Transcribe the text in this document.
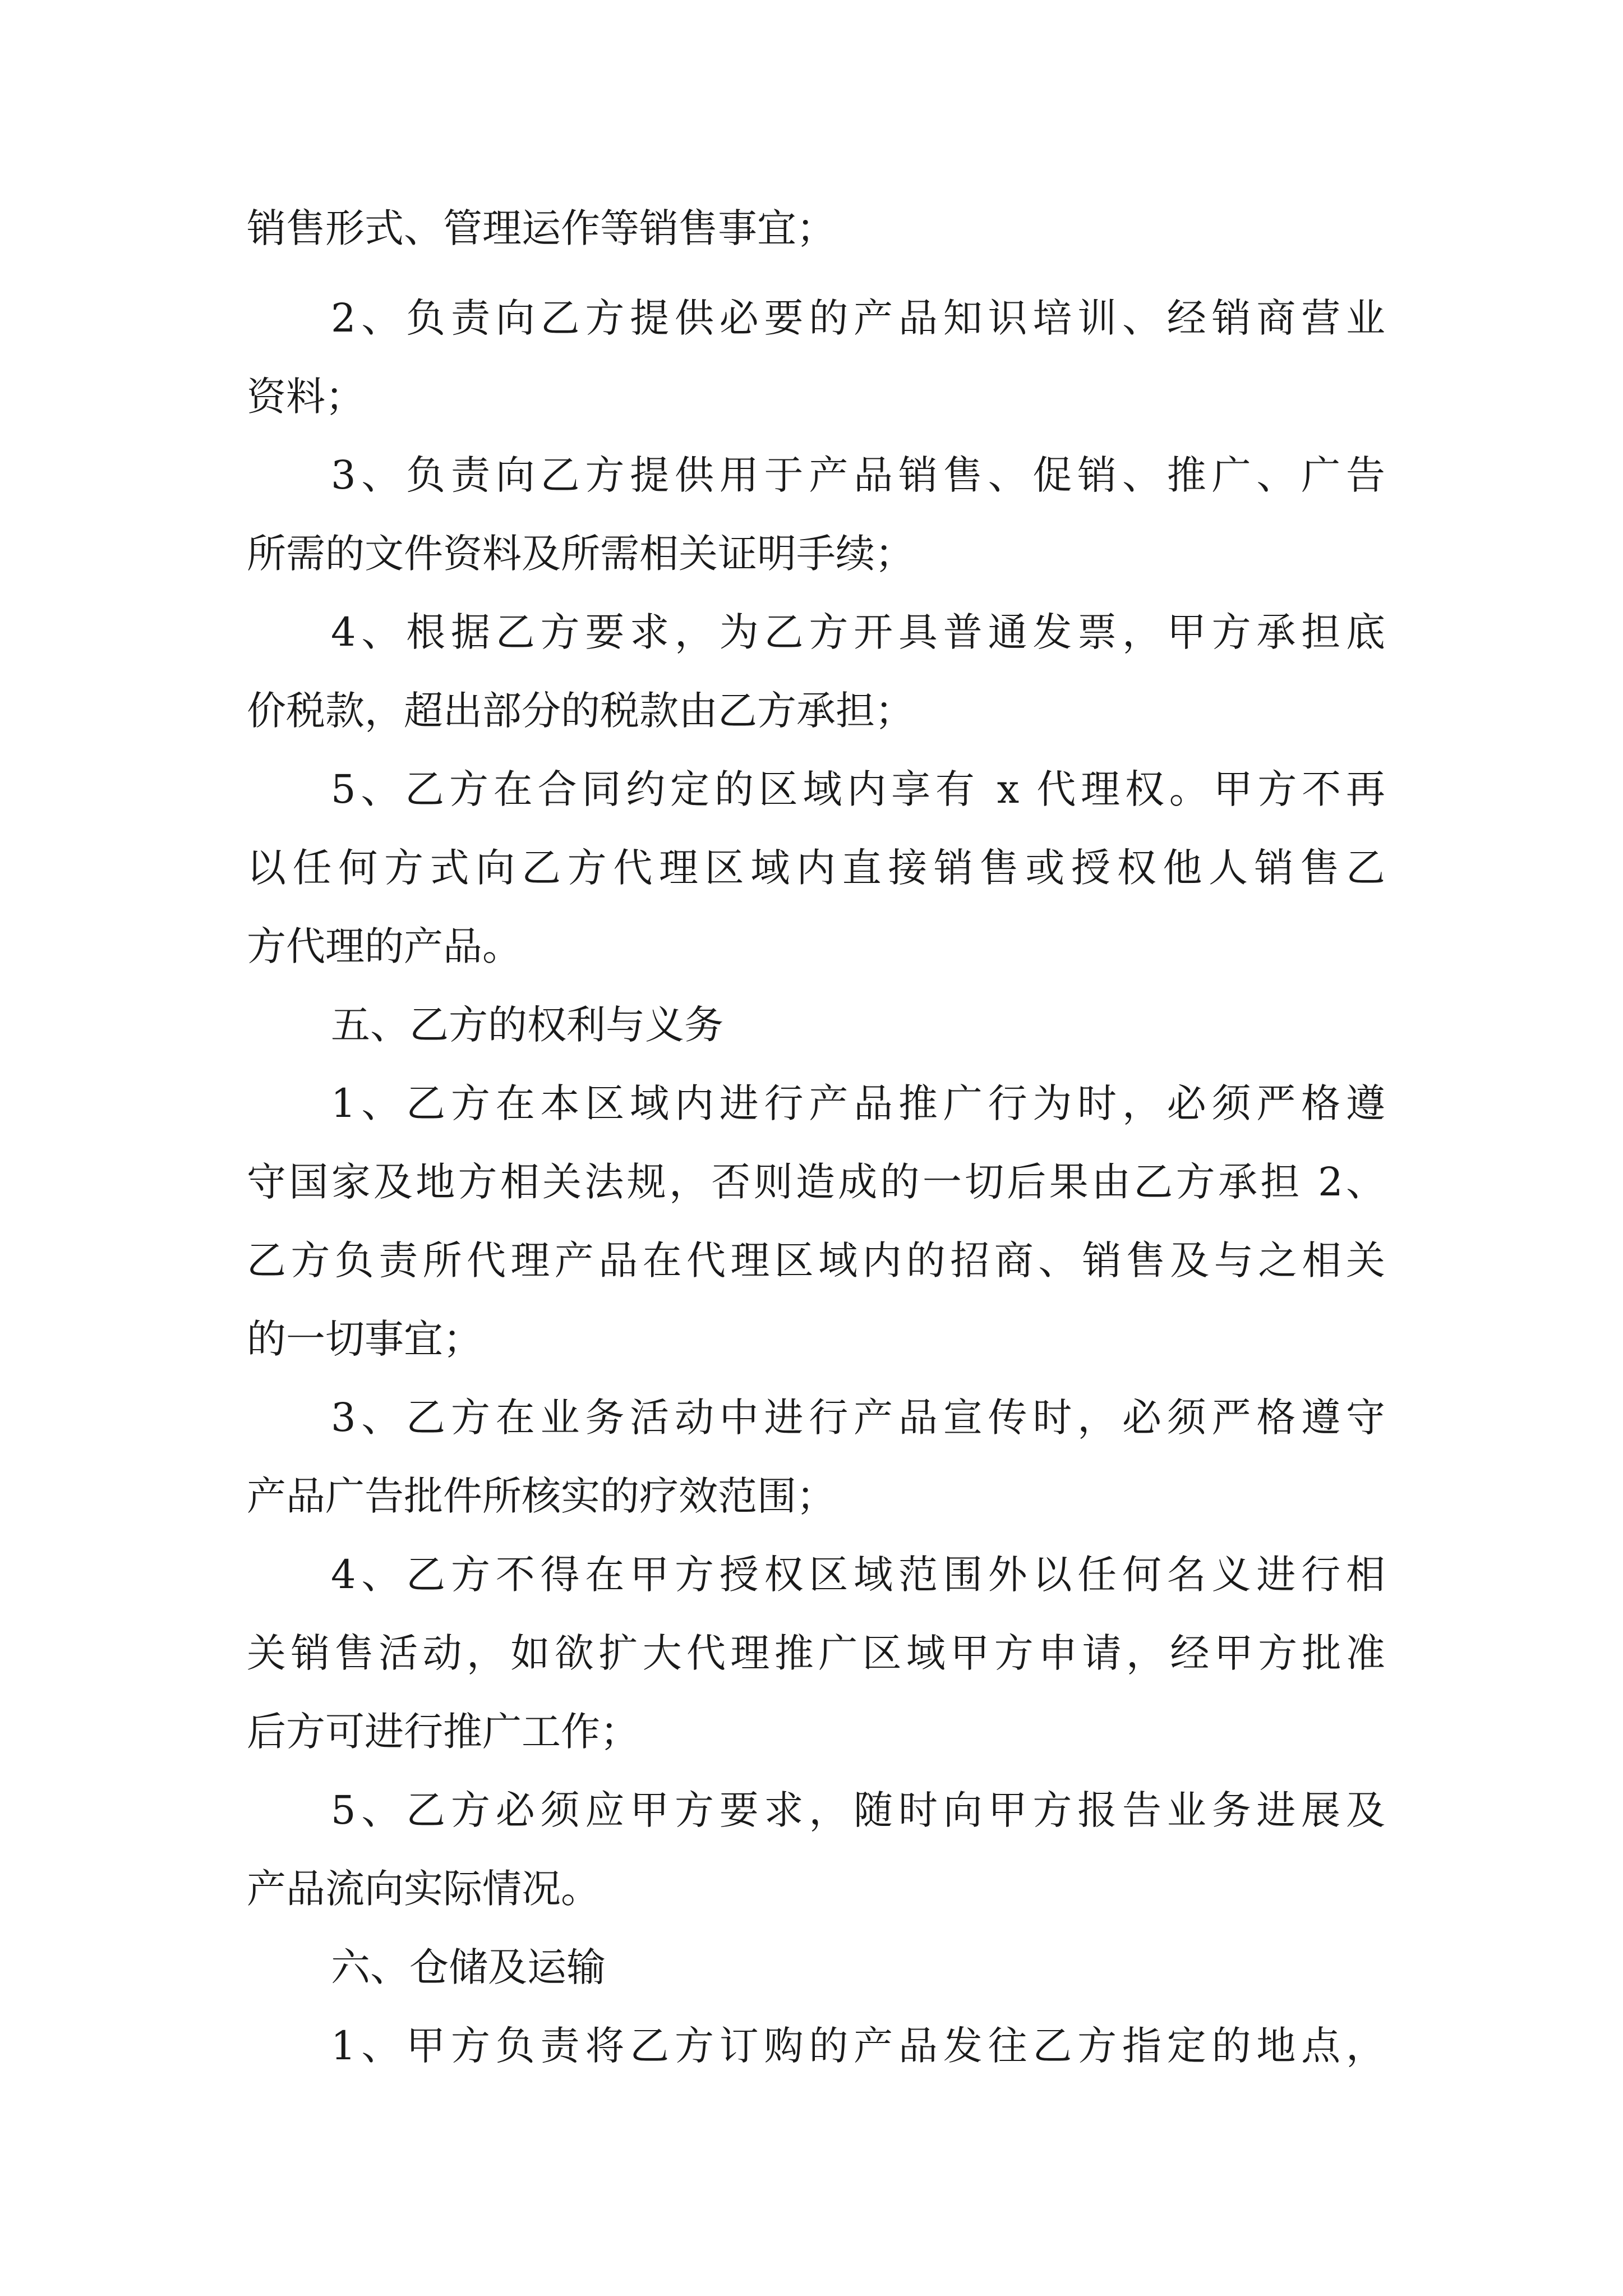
销售形式、管理运作等销售事宜；
2、负责向乙方提供必要的产品知识培训、经销商营业
资料；
3、负责向乙方提供用于产品销售、促销、推广、广告
所需的文件资料及所需相关证明手续；
4、根据乙方要求，为乙方开具普通发票，甲方承担底
价税款，超出部分的税款由乙方承担；
5、乙方在合同约定的区域内享有 x 代理权。甲方不再
以任何方式向乙方代理区域内直接销售或授权他人销售乙
方代理的产品。
五、乙方的权利与义务
1、乙方在本区域内进行产品推广行为时，必须严格遵
守国家及地方相关法规，否则造成的一切后果由乙方承担 2、
乙方负责所代理产品在代理区域内的招商、销售及与之相关
的一切事宜；
3、乙方在业务活动中进行产品宣传时，必须严格遵守
产品广告批件所核实的疗效范围；
4、乙方不得在甲方授权区域范围外以任何名义进行相
关销售活动，如欲扩大代理推广区域甲方申请，经甲方批准
后方可进行推广工作；
5、乙方必须应甲方要求，随时向甲方报告业务进展及
产品流向实际情况。
六、仓储及运输
1、甲方负责将乙方订购的产品发往乙方指定的地点，
